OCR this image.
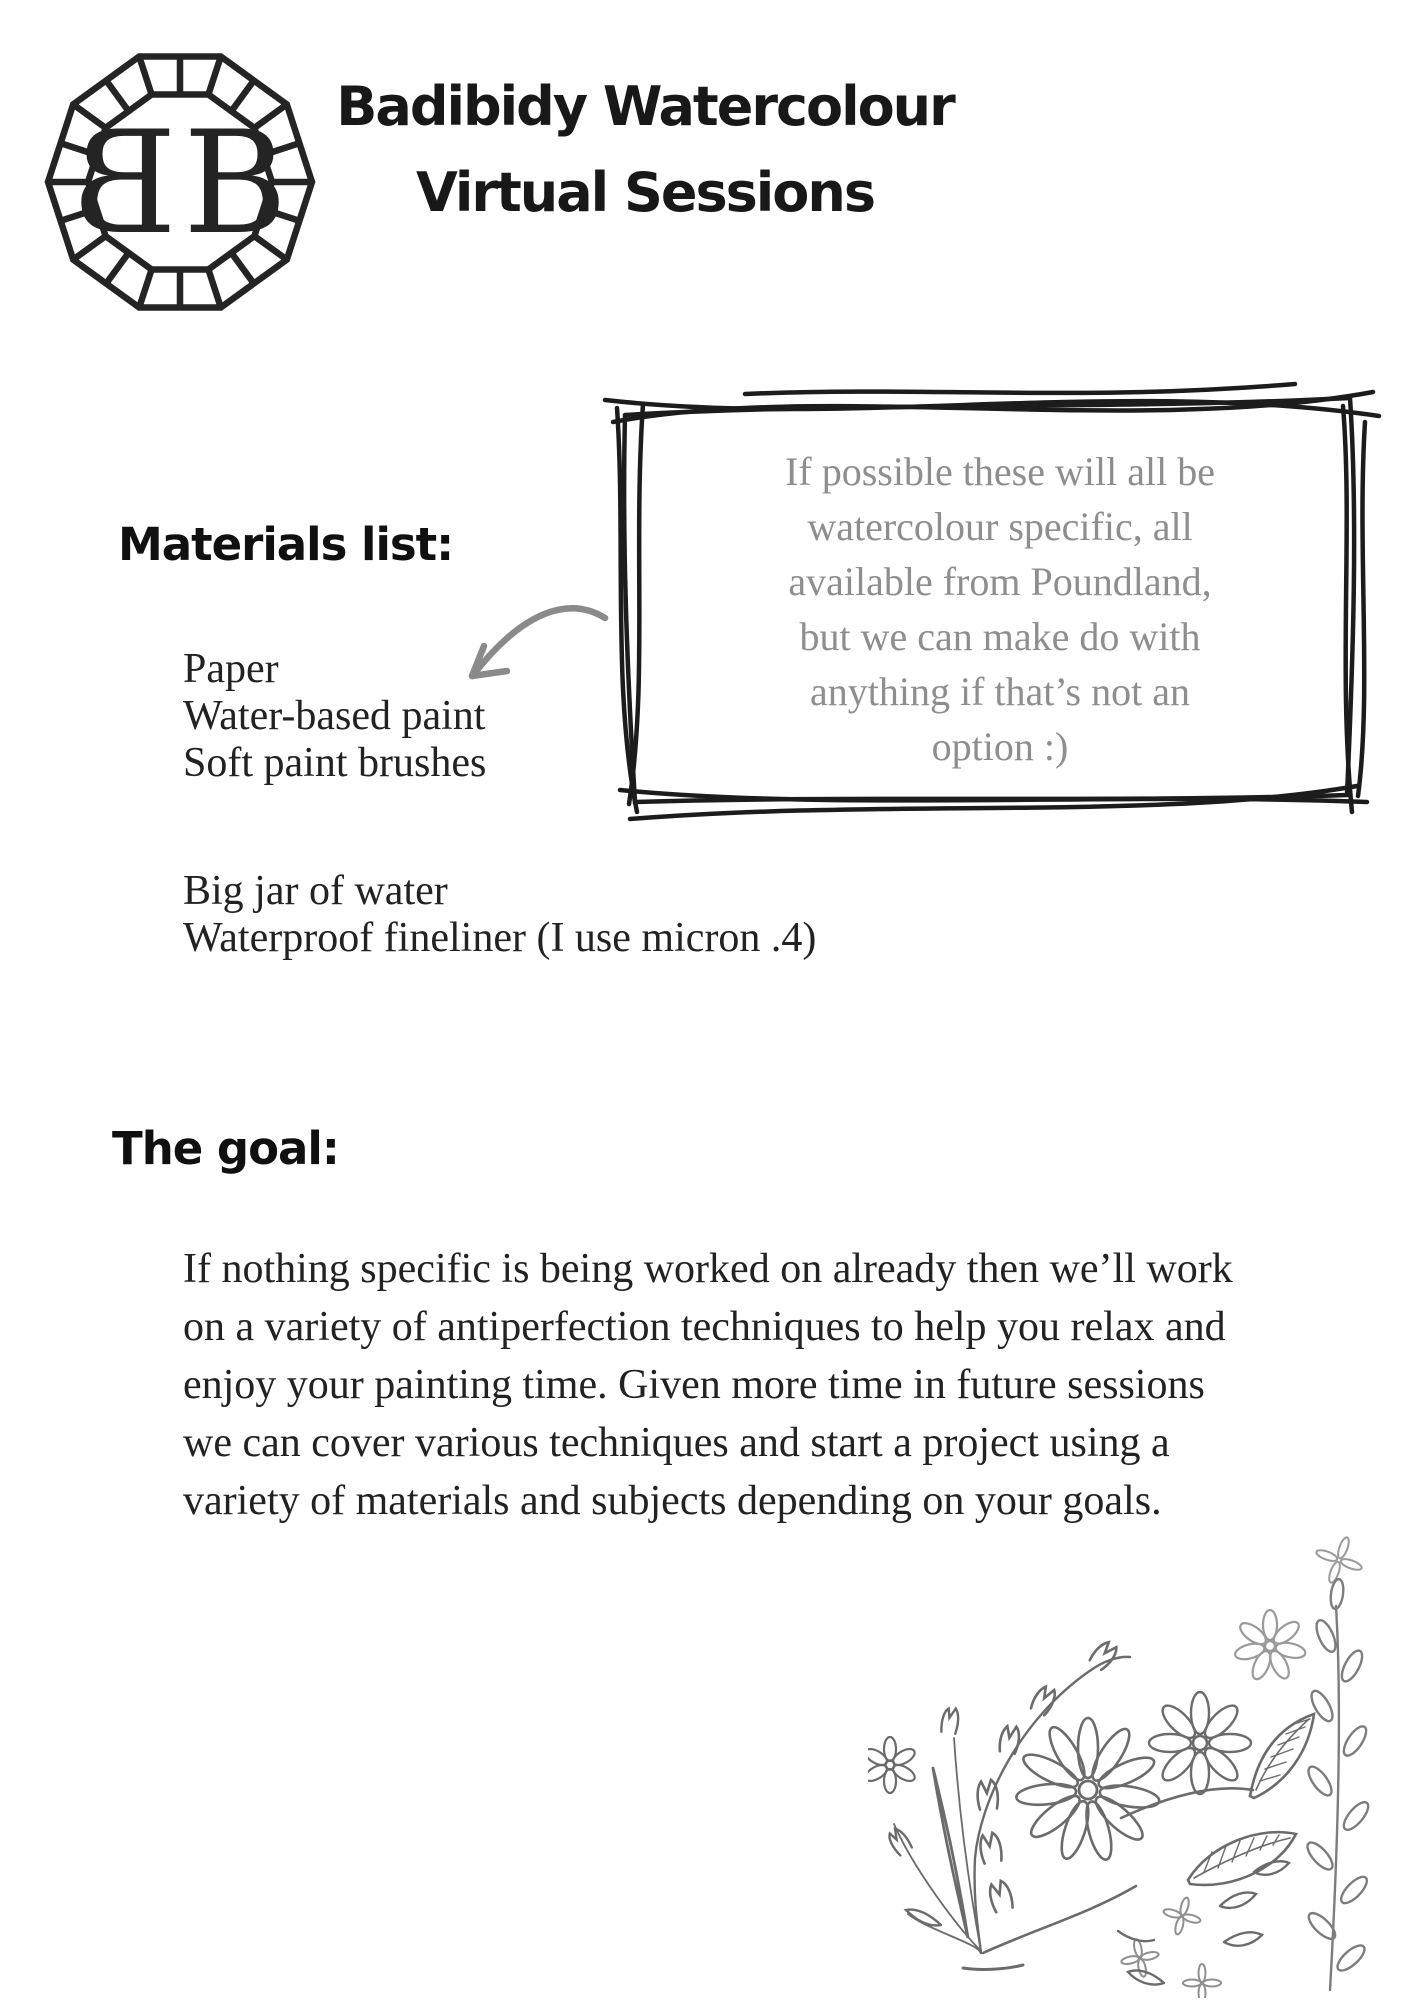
B B Badibidy Watercolour
Virtual Sessions
If possible these will all be
watercolour specific, all
available from Poundland,
but we can make do with
anything if that’s not an
option :)
Materials list:
Paper
Water-based paint
Soft paint brushes
Big jar of water
Waterproof fineliner (I use micron .4)
The goal:
If nothing specific is being worked on already then we’ll work on a variety of antiperfection techniques to help you relax and enjoy your painting time. Given more time in future sessions we can cover various techniques and start a project using a variety of materials and subjects depending on your goals.
